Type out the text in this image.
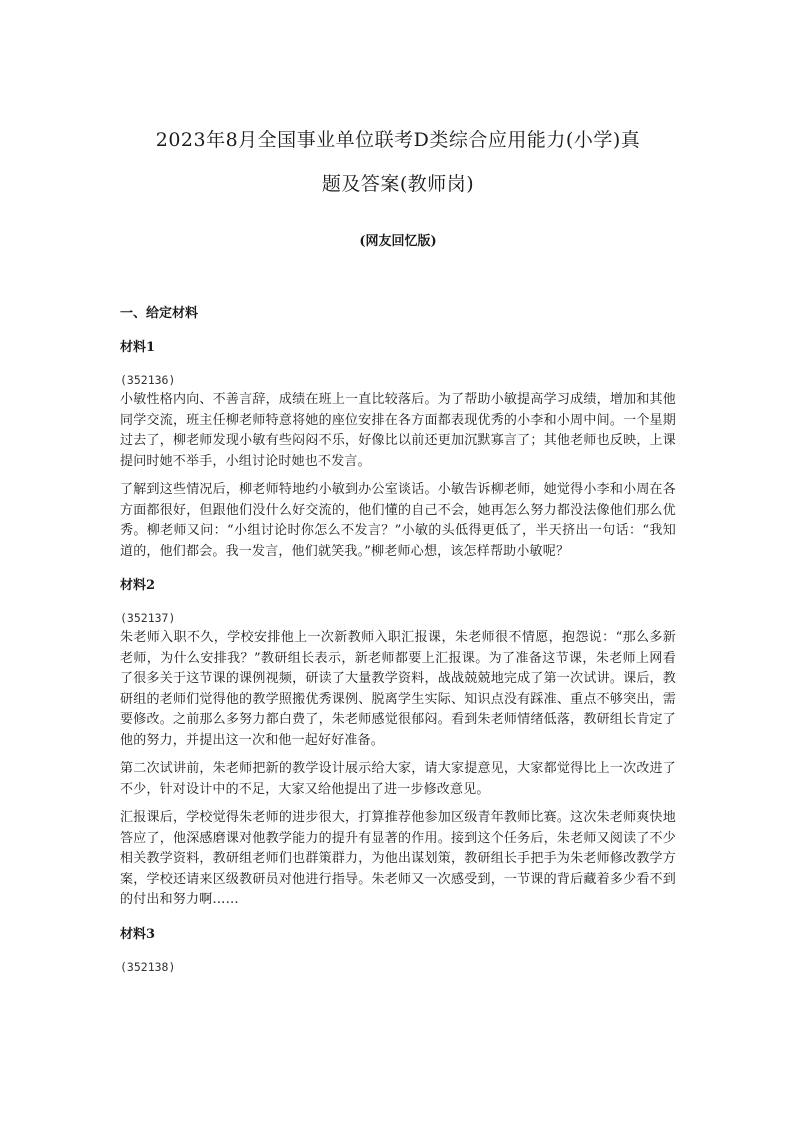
2023年8月全国事业单位联考D类综合应用能力(小学)真
题及答案(教师岗)
(网友回忆版)
一、给定材料
材料1
(352136)

小敏性格内向、不善言辞，成绩在班上一直比较落后。为了帮助小敏提高学习成绩，增加和其他同学交流，班主任柳老师特意将她的座位安排在各方面都表现优秀的小李和小周中间。一个星期过去了，柳老师发现小敏有些闷闷不乐，好像比以前还更加沉默寡言了；其他老师也反映，上课提问时她不举手，小组讨论时她也不发言。

了解到这些情况后，柳老师特地约小敏到办公室谈话。小敏告诉柳老师，她觉得小李和小周在各方面都很好，但跟他们没什么好交流的，他们懂的自己不会，她再怎么努力都没法像他们那么优秀。柳老师又问：“小组讨论时你怎么不发言？”小敏的头低得更低了，半天挤出一句话：“我知道的，他们都会。我一发言，他们就笑我。”柳老师心想，该怎样帮助小敏呢？

材料2
(352137)

朱老师入职不久，学校安排他上一次新教师入职汇报课，朱老师很不情愿，抱怨说：“那么多新老师，为什么安排我？”教研组长表示，新老师都要上汇报课。为了准备这节课，朱老师上网看了很多关于这节课的课例视频，研读了大量教学资料，战战兢兢地完成了第一次试讲。课后，教研组的老师们觉得他的教学照搬优秀课例、脱离学生实际、知识点没有踩准、重点不够突出，需要修改。之前那么多努力都白费了，朱老师感觉很郁闷。看到朱老师情绪低落，教研组长肯定了他的努力，并提出这一次和他一起好好准备。

第二次试讲前，朱老师把新的教学设计展示给大家，请大家提意见，大家都觉得比上一次改进了不少，针对设计中的不足，大家又给他提出了进一步修改意见。

汇报课后，学校觉得朱老师的进步很大，打算推荐他参加区级青年教师比赛。这次朱老师爽快地答应了，他深感磨课对他教学能力的提升有显著的作用。接到这个任务后，朱老师又阅读了不少相关教学资料，教研组老师们也群策群力，为他出谋划策，教研组长手把手为朱老师修改教学方案，学校还请来区级教研员对他进行指导。朱老师又一次感受到，一节课的背后藏着多少看不到的付出和努力啊……

材料3
(352138)
